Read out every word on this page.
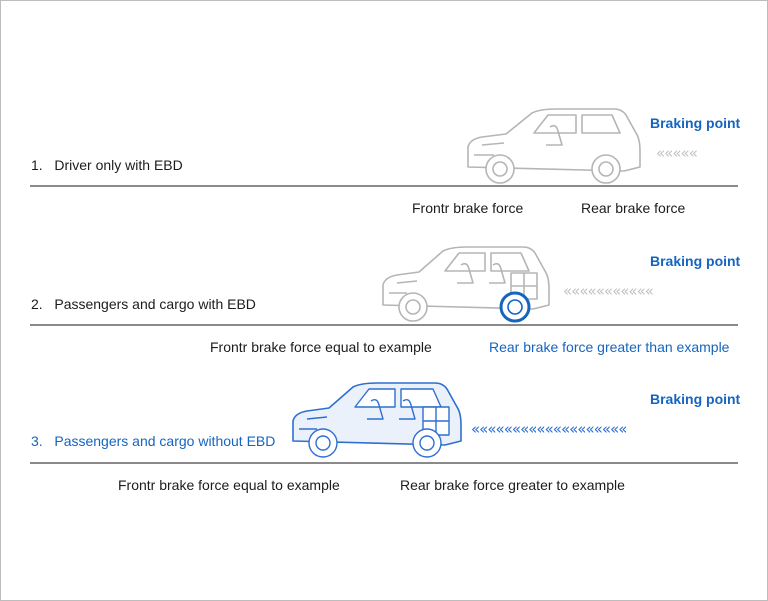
1. Driver only with EBD
Braking point
«««««
Frontr brake force	Rear brake force
2. Passengers and cargo with EBD
Braking point
«««««««««««
Frontr brake force equal to example	Rear brake force greater than example
3. Passengers and cargo without EBD
Braking point
«««««««««««««««««««
Frontr brake force equal to example	Rear brake force greater to example
